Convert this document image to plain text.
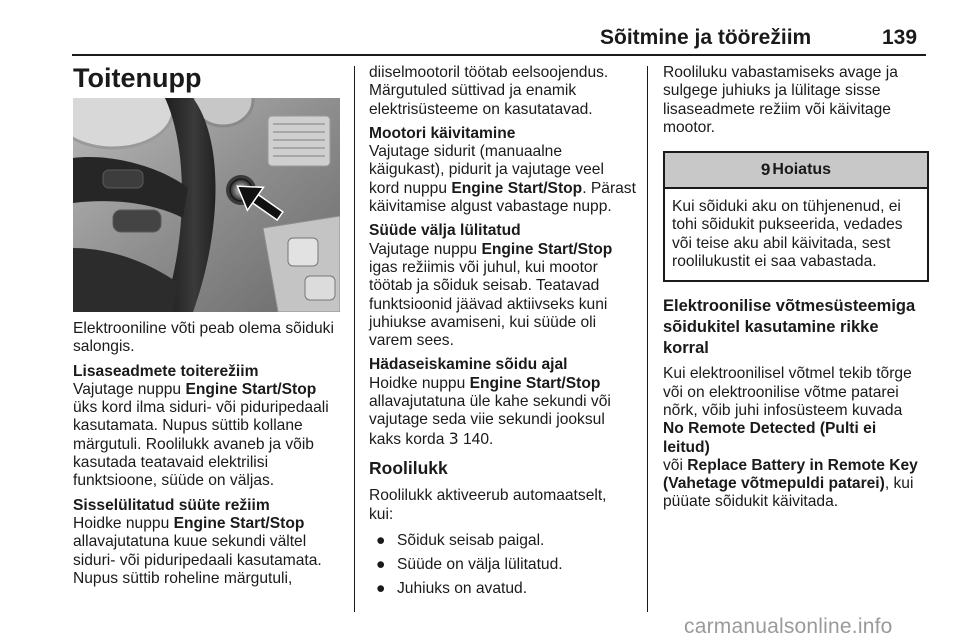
Sõitmine ja töörežiim	139
Toitenupp

Elektrooniline võti peab olema sõiduki
salongis.

Lisaseadmete toiterežiim

Vajutage nuppu Engine Start/Stop
üks kord ilma siduri- või piduripedaali
kasutamata. Nupus süttib kollane
märgutuli. Roolilukk avaneb ja võib
kasutada teatavaid elektrilisi
funktsioone, süüde on väljas.

Sisselülitatud süüte režiim

Hoidke nuppu Engine Start/Stop
allavajutatuna kuue sekundi vältel
siduri- või piduripedaali kasutamata.
Nupus süttib roheline märgutuli,

diiselmootoril töötab eelsoojendus.
Märgutuled süttivad ja enamik
elektrisüsteeme on kasutatavad.

Mootori käivitamine

Vajutage sidurit (manuaalne
käigukast), pidurit ja vajutage veel
kord nuppu Engine Start/Stop. Pärast
käivitamise algust vabastage nupp.

Süüde välja lülitatud

Vajutage nuppu Engine Start/Stop
igas režiimis või juhul, kui mootor
töötab ja sõiduk seisab. Teatavad
funktsioonid jäävad aktiivseks kuni
juhiukse avamiseni, kui süüde oli
varem sees.

Hädaseiskamine sõidu ajal

Hoidke nuppu Engine Start/Stop
allavajutatuna üle kahe sekundi või
vajutage seda viie sekundi jooksul
kaks korda 3 140.

Roolilukk

Roolilukk aktiveerub automaatselt,
kui:

● Sõiduk seisab paigal.
● Süüde on välja lülitatud.
● Juhiuks on avatud.

Rooliluku vabastamiseks avage ja
sulgege juhiuks ja lülitage sisse
lisaseadmete režiim või käivitage
mootor.

9 Hoiatus
Kui sõiduki aku on tühjenenud, ei
tohi sõidukit pukseerida, vedades
või teise aku abil käivitada, sest
roolilukustit ei saa vabastada.

Elektroonilise võtmesüsteemiga
sõidukitel kasutamine rikke korral

Kui elektroonilisel võtmel tekib tõrge
või on elektroonilise võtme patarei
nõrk, võib juhi infosüsteem kuvada
No Remote Detected (Pulti ei leitud)
või Replace Battery in Remote Key
(Vahetage võtmepuldi patarei), kui
püüate sõidukit käivitada.

carmanualsonline.info
